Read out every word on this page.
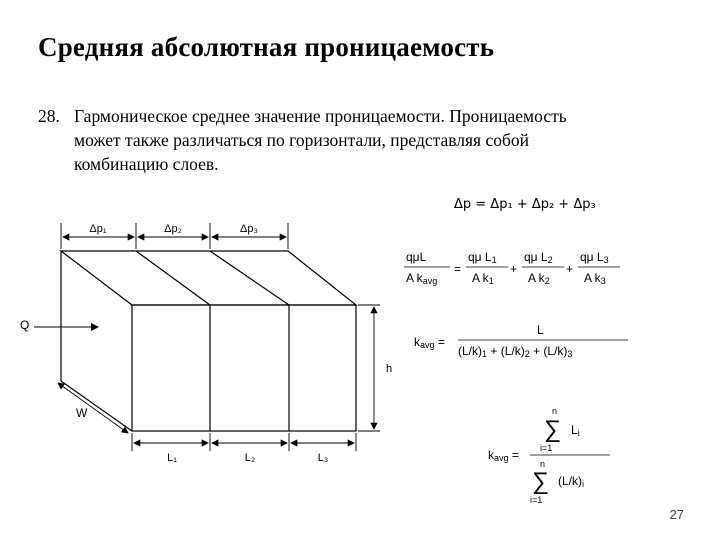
Средняя абсолютная проницаемость
28. Гармоническое среднее значение проницаемости. Проницаемость
может также различаться по горизонтали, представляя собой
комбинацию слоев.
Δp₁	Δp₂	Δp₃
L₁	L₂	L₃
h
W
Q
Δp = Δp₁ + Δp₂ + Δp₃
qμL
A kavg
=
qμ L1
A k1
+
qμ L2
A k2
+
qμ L3
A k3
kavg =
L
(L/k)1 + (L/k)2 + (L/k)3
kavg =
n
∑
i=1
Li
n
∑
i=1
(L/k)i
27
